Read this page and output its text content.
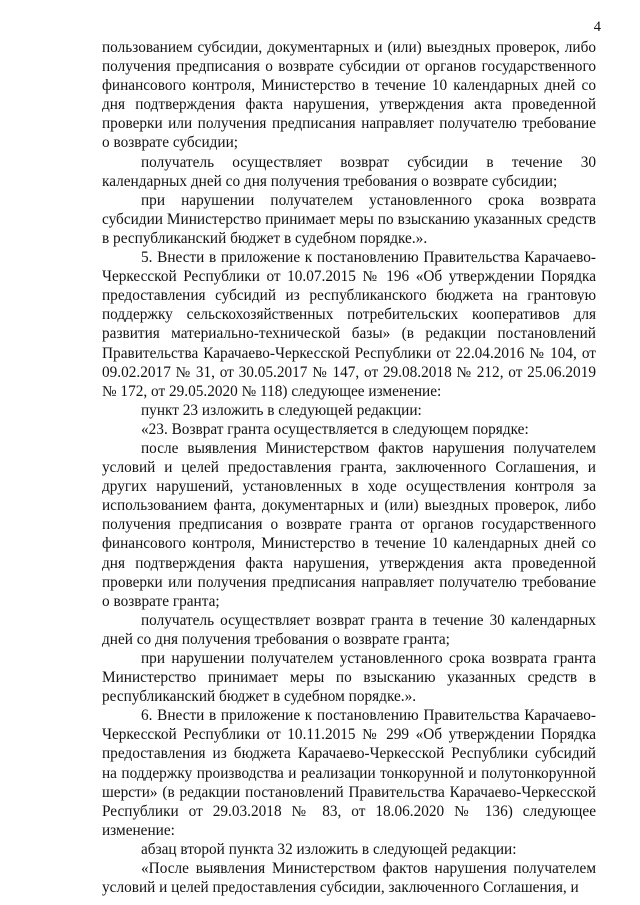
4

пользованием субсидии, документарных и (или) выездных проверок, либо получения предписания о возврате субсидии от органов государственного финансового контроля, Министерство в течение 10 календарных дней со дня подтверждения факта нарушения, утверждения акта проведенной проверки или получения предписания направляет получателю требование о возврате субсидии;

получатель осуществляет возврат субсидии в течение 30 календарных дней со дня получения требования о возврате субсидии;

при нарушении получателем установленного срока возврата субсидии Министерство принимает меры по взысканию указанных средств в республиканский бюджет в судебном порядке.».

5. Внести в приложение к постановлению Правительства Карачаево-Черкесской Республики от 10.07.2015 № 196 «Об утверждении Порядка предоставления субсидий из республиканского бюджета на грантовую поддержку сельскохозяйственных потребительских кооперативов для развития материально-технической базы» (в редакции постановлений Правительства Карачаево-Черкесской Республики от 22.04.2016 № 104, от 09.02.2017 № 31, от 30.05.2017 № 147, от 29.08.2018 № 212, от 25.06.2019 № 172, от 29.05.2020 № 118) следующее изменение:

пункт 23 изложить в следующей редакции:

«23. Возврат гранта осуществляется в следующем порядке:

после выявления Министерством фактов нарушения получателем условий и целей предоставления гранта, заключенного Соглашения, и других нарушений, установленных в ходе осуществления контроля за использованием фанта, документарных и (или) выездных проверок, либо получения предписания о возврате гранта от органов государственного финансового контроля, Министерство в течение 10 календарных дней со дня подтверждения факта нарушения, утверждения акта проведенной проверки или получения предписания направляет получателю требование о возврате гранта;

получатель осуществляет возврат гранта в течение 30 календарных дней со дня получения требования о возврате гранта;

при нарушении получателем установленного срока возврата гранта Министерство принимает меры по взысканию указанных средств в республиканский бюджет в судебном порядке.».

6. Внести в приложение к постановлению Правительства Карачаево-Черкесской Республики от 10.11.2015 № 299 «Об утверждении Порядка предоставления из бюджета Карачаево-Черкесской Республики субсидий на поддержку производства и реализации тонкорунной и полутонкорунной шерсти» (в редакции постановлений Правительства Карачаево-Черкесской Республики от 29.03.2018 № 83, от 18.06.2020 № 136) следующее изменение:

абзац второй пункта 32 изложить в следующей редакции:

«После выявления Министерством фактов нарушения получателем условий и целей предоставления субсидии, заключенного Соглашения, и
